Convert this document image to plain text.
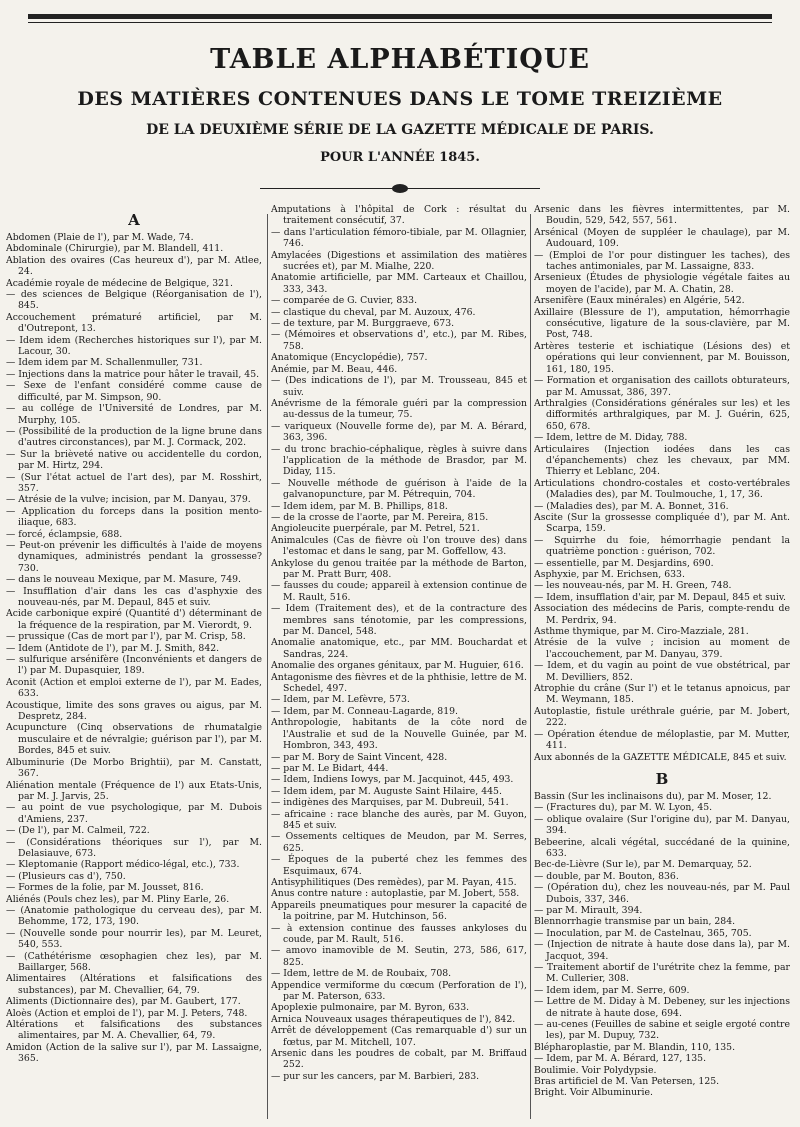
TABLE ALPHABÉTIQUE
DES MATIÈRES CONTENUES DANS LE TOME TREIZIÈME
DE LA DEUXIÈME SÉRIE DE LA GAZETTE MÉDICALE DE PARIS.
POUR L'ANNÉE 1845.
A
Abdomen (Plaie de l'), par M. Wade, 74.
Abdominale (Chirurgie), par M. Blandell, 411.
Ablation des ovaires (Cas heureux d'), par M. Atlee, 24.
Académie royale de médecine de Belgique, 321.
— des sciences de Belgique (Réorganisation de l'), 845.
Accouchement prématuré artificiel, par M. d'Outrepont, 13.
— Idem idem (Recherches historiques sur l'), par M. Lacour, 30.
— Idem idem par M. Schallenmuller, 731.
— Injections dans la matrice pour hâter le travail, 45.
— Sexe de l'enfant considéré comme cause de difficulté, par M. Simpson, 90.
— au collége de l'Université de Londres, par M. Murphy, 105.
— (Possibilité de la production de la ligne brune dans d'autres circonstances), par M. J. Cormack, 202.
— Sur la brièveté native ou accidentelle du cordon, par M. Hirtz, 294.
— (Sur l'état actuel de l'art des), par M. Rosshirt, 357.
— Atrésie de la vulve; incision, par M. Danyau, 379.
— Application du forceps dans la position mento-iliaque, 683.
— forcé, éclampsie, 688.
— Peut-on prévenir les difficultés à l'aide de moyens dynamiques, administrés pendant la grossesse? 730.
— dans le nouveau Mexique, par M. Masure, 749.
— Insufflation d'air dans les cas d'asphyxie des nouveau-nés, par M. Depaul, 845 et suiv.
Acide carbonique expiré (Quantité d') déterminant de la fréquence de la respiration, par M. Vierordt, 9.
— prussique (Cas de mort par l'), par M. Crisp, 58.
— Idem (Antidote de l'), par M. J. Smith, 842.
— sulfurique arsénifère (Inconvénients et dangers de l') par M. Dupasquier, 189.
Aconit (Action et emploi externe de l'), par M. Eades, 633.
Acoustique, limite des sons graves ou aigus, par M. Despretz, 284.
Acupuncture (Cinq observations de rhumatalgie musculaire et de névralgie; guérison par l'), par M. Bordes, 845 et suiv.
Albuminurie (De Morbo Brightii), par M. Canstatt, 367.
Aliénation mentale (Fréquence de l') aux Etats-Unis, par M. J. Jarvis, 25.
— au point de vue psychologique, par M. Dubois d'Amiens, 237.
— (De l'), par M. Calmeil, 722.
— (Considérations théoriques sur l'), par M. Delasiauve, 673.
— Kleptomanie (Rapport médico-légal, etc.), 733.
— (Plusieurs cas d'), 750.
— Formes de la folie, par M. Jousset, 816.
Aliénés (Pouls chez les), par M. Pliny Earle, 26.
— (Anatomie pathologique du cerveau des), par M. Behomme, 172, 173, 190.
— (Nouvelle sonde pour nourrir les), par M. Leuret, 540, 553.
— (Cathétérisme œsophagien chez les), par M. Baillarger, 568.
Alimentaires (Altérations et falsifications des substances), par M. Chevallier, 64, 79.
Aliments (Dictionnaire des), par M. Gaubert, 177.
Aloès (Action et emploi de l'), par M. J. Peters, 748.
Altérations et falsifications des substances alimentaires, par M. A. Chevallier, 64, 79.
Amidon (Action de la salive sur l'), par M. Lassaigne, 365.
Amputations à l'hôpital de Cork : résultat du traitement consécutif, 37.
— dans l'articulation fémoro-tibiale, par M. Ollagnier, 746.
Amylacées (Digestions et assimilation des matières sucrées et), par M. Mialhe, 220.
Anatomie artificielle, par MM. Carteaux et Chaillou, 333, 343.
— comparée de G. Cuvier, 833.
— clastique du cheval, par M. Auzoux, 476.
— de texture, par M. Burggraeve, 673.
— (Mémoires et observations d', etc.), par M. Ribes, 758.
Anatomique (Encyclopédie), 757.
Anémie, par M. Beau, 446.
— (Des indications de l'), par M. Trousseau, 845 et suiv.
Anévrisme de la fémorale guéri par la compression au-dessus de la tumeur, 75.
— variqueux (Nouvelle forme de), par M. A. Bérard, 363, 396.
— du tronc brachio-céphalique, règles à suivre dans l'application de la méthode de Brasdor, par M. Diday, 115.
— Nouvelle méthode de guérison à l'aide de la galvanopuncture, par M. Pétrequin, 704.
— Idem idem, par M. B. Phillips, 818.
— de la crosse de l'aorte, par M. Pereira, 815.
Angioleucite puerpérale, par M. Petrel, 521.
Animalcules (Cas de fièvre où l'on trouve des) dans l'estomac et dans le sang, par M. Goffellow, 43.
Ankylose du genou traitée par la méthode de Barton, par M. Pratt Burr, 408.
— fausses du coude; appareil à extension continue de M. Rault, 516.
— Idem (Traitement des), et de la contracture des membres sans ténotomie, par les compressions, par M. Dancel, 548.
Anomalie anatomique, etc., par MM. Bouchardat et Sandras, 224.
Anomalie des organes génitaux, par M. Huguier, 616.
Antagonisme des fièvres et de la phthisie, lettre de M. Schedel, 497.
— Idem, par M. Lefèvre, 573.
— Idem, par M. Conneau-Lagarde, 819.
Anthropologie, habitants de la côte nord de l'Australie et sud de la Nouvelle Guinée, par M. Hombron, 343, 493.
— par M. Bory de Saint Vincent, 428.
— par M. Le Bidart, 444.
— Idem, Indiens Iowys, par M. Jacquinot, 445, 493.
— Idem idem, par M. Auguste Saint Hilaire, 445.
— indigènes des Marquises, par M. Dubreuil, 541.
— africaine : race blanche des aurès, par M. Guyon, 845 et suiv.
— Ossements celtiques de Meudon, par M. Serres, 625.
— Époques de la puberté chez les femmes des Esquimaux, 674.
Antisyphilitiques (Des remèdes), par M. Payan, 415.
Anus contre nature : autoplastie, par M. Jobert, 558.
Appareils pneumatiques pour mesurer la capacité de la poitrine, par M. Hutchinson, 56.
— à extension continue des fausses ankyloses du coude, par M. Rault, 516.
— amovo inamovible de M. Seutin, 273, 586, 617, 825.
— Idem, lettre de M. de Roubaix, 708.
Appendice vermiforme du cœcum (Perforation de l'), par M. Paterson, 633.
Apoplexie pulmonaire, par M. Byron, 633.
Arnica Nouveaux usages thérapeutiques de l'), 842.
Arrêt de développement (Cas remarquable d') sur un fœtus, par M. Mitchell, 107.
Arsenic dans les poudres de cobalt, par M. Briffaud 252.
— pur sur les cancers, par M. Barbieri, 283.
Arsenic dans les fièvres intermittentes, par M. Boudin, 529, 542, 557, 561.
Arsénical (Moyen de suppléer le chaulage), par M. Audouard, 109.
— (Emploi de l'or pour distinguer les taches), des taches antimoniales, par M. Lassaigne, 833.
Arsenieux (Études de physiologie végétale faites au moyen de l'acide), par M. A. Chatin, 28.
Arsenifère (Eaux minérales) en Algérie, 542.
Axillaire (Blessure de l'), amputation, hémorrhagie consécutive, ligature de la sous-clavière, par M. Post, 748.
Artères testerie et ischiatique (Lésions des) et opérations qui leur conviennent, par M. Bouisson, 161, 180, 195.
— Formation et organisation des caillots obturateurs, par M. Amussat, 386, 397.
Arthralgies (Considérations générales sur les) et les difformités arthralgiques, par M. J. Guérin, 625, 650, 678.
— Idem, lettre de M. Diday, 788.
Articulaires (Injection iodées dans les cas d'épanchements) chez les chevaux, par MM. Thierry et Leblanc, 204.
Articulations chondro-costales et costo-vertébrales (Maladies des), par M. Toulmouche, 1, 17, 36.
— (Maladies des), par M. A. Bonnet, 316.
Ascite (Sur la grossesse compliquée d'), par M. Ant. Scarpa, 159.
— Squirrhe du foie, hémorrhagie pendant la quatrième ponction : guérison, 702.
— essentielle, par M. Desjardins, 690.
Asphyxie, par M. Erichsen, 633.
— les nouveau-nés, par M. H. Green, 748.
— Idem, insufflation d'air, par M. Depaul, 845 et suiv.
Association des médecins de Paris, compte-rendu de M. Perdrix, 94.
Asthme thymique, par M. Ciro-Mazziale, 281.
Atrésie de la vulve ; incision au moment de l'accouchement, par M. Danyau, 379.
— Idem, et du vagin au point de vue obstétrical, par M. Devilliers, 852.
Atrophie du crâne (Sur l') et le tetanus apnoicus, par M. Weymann, 185.
Autoplastie, fistule uréthrale guérie, par M. Jobert, 222.
— Opération étendue de méloplastie, par M. Mutter, 411.
Aux abonnés de la GAZETTE MÉDICALE, 845 et suiv.
B
Bassin (Sur les inclinaisons du), par M. Moser, 12.
— (Fractures du), par M. W. Lyon, 45.
— oblique ovalaire (Sur l'origine du), par M. Danyau, 394.
Bebeerine, alcali végétal, succédané de la quinine, 633.
Bec-de-Lièvre (Sur le), par M. Demarquay, 52.
— double, par M. Bouton, 836.
— (Opération du), chez les nouveau-nés, par M. Paul Dubois, 337, 346.
— par M. Mirault, 394.
Blennorrhagie transmise par un bain, 284.
— Inoculation, par M. de Castelnau, 365, 705.
— (Injection de nitrate à haute dose dans la), par M. Jacquot, 394.
— Traitement abortif de l'urétrite chez la femme, par M. Cullerier, 308.
— Idem idem, par M. Serre, 609.
— Lettre de M. Diday à M. Debeney, sur les injections de nitrate à haute dose, 694.
— au-cenes (Feuilles de sabine et seigle ergoté contre les), par M. Dupuy, 732.
Blépharoplastie, par M. Blandin, 110, 135.
— Idem, par M. A. Bérard, 127, 135.
Boulimie. Voir Polydypsie.
Bras artificiel de M. Van Petersen, 125.
Bright. Voir Albuminurie.
